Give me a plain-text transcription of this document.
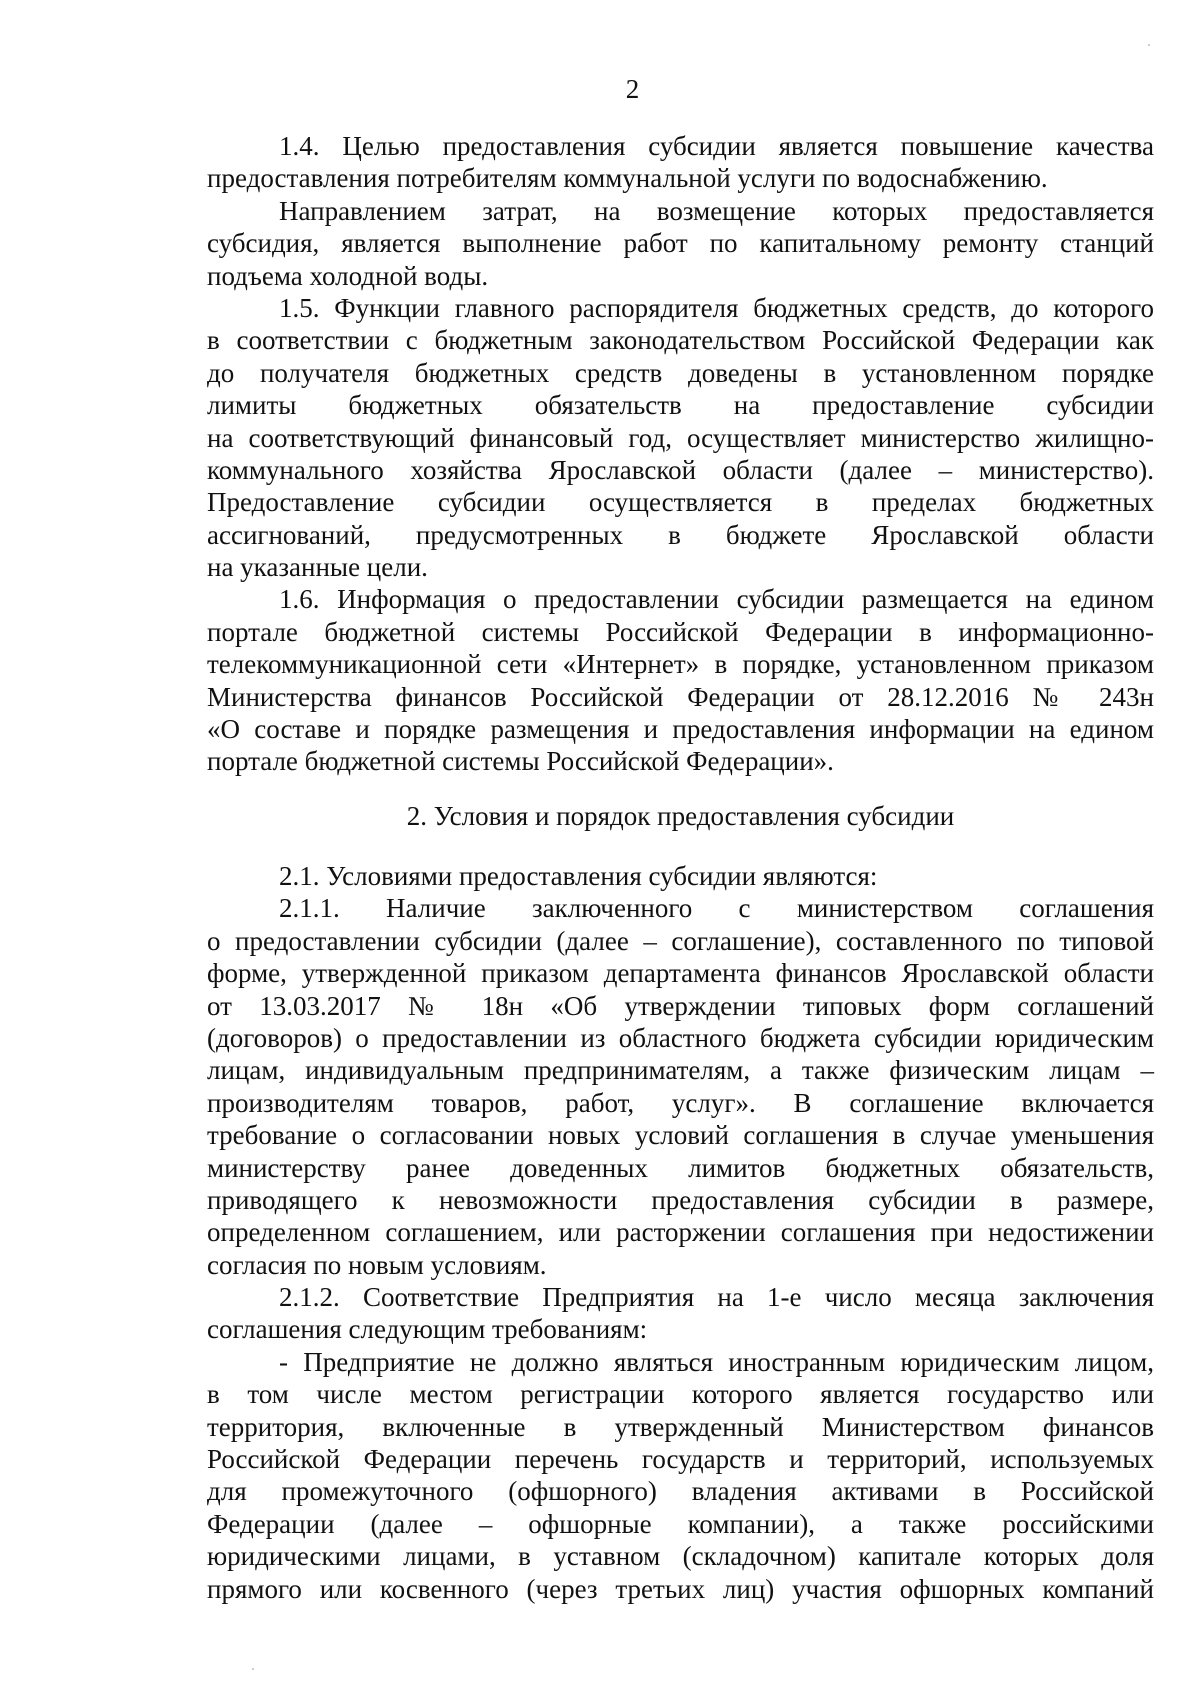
2
1.4. Целью предоставления субсидии является повышение качества
предоставления потребителям коммунальной услуги по водоснабжению.
Направлением затрат, на возмещение которых предоставляется
субсидия, является выполнение работ по капитальному ремонту станций
подъема холодной воды.
1.5. Функции главного распорядителя бюджетных средств, до которого
в соответствии с бюджетным законодательством Российской Федерации как
до получателя бюджетных средств доведены в установленном порядке
лимиты бюджетных обязательств на предоставление субсидии
на соответствующий финансовый год, осуществляет министерство жилищно-
коммунального хозяйства Ярославской области (далее – министерство).
Предоставление субсидии осуществляется в пределах бюджетных
ассигнований, предусмотренных в бюджете Ярославской области
на указанные цели.
1.6. Информация о предоставлении субсидии размещается на едином
портале бюджетной системы Российской Федерации в информационно-
телекоммуникационной сети «Интернет» в порядке, установленном приказом
Министерства финансов Российской Федерации от 28.12.2016 № 243н
«О составе и порядке размещения и предоставления информации на едином
портале бюджетной системы Российской Федерации».
2. Условия и порядок предоставления субсидии
2.1. Условиями предоставления субсидии являются:
2.1.1. Наличие заключенного с министерством соглашения
о предоставлении субсидии (далее – соглашение), составленного по типовой
форме, утвержденной приказом департамента финансов Ярославской области
от 13.03.2017 № 18н «Об утверждении типовых форм соглашений
(договоров) о предоставлении из областного бюджета субсидии юридическим
лицам, индивидуальным предпринимателям, а также физическим лицам –
производителям товаров, работ, услуг». В соглашение включается
требование о согласовании новых условий соглашения в случае уменьшения
министерству ранее доведенных лимитов бюджетных обязательств,
приводящего к невозможности предоставления субсидии в размере,
определенном соглашением, или расторжении соглашения при недостижении
согласия по новым условиям.
2.1.2. Соответствие Предприятия на 1-е число месяца заключения
соглашения следующим требованиям:
- Предприятие не должно являться иностранным юридическим лицом,
в том числе местом регистрации которого является государство или
территория, включенные в утвержденный Министерством финансов
Российской Федерации перечень государств и территорий, используемых
для промежуточного (офшорного) владения активами в Российской
Федерации (далее – офшорные компании), а также российскими
юридическими лицами, в уставном (складочном) капитале которых доля
прямого или косвенного (через третьих лиц) участия офшорных компаний
